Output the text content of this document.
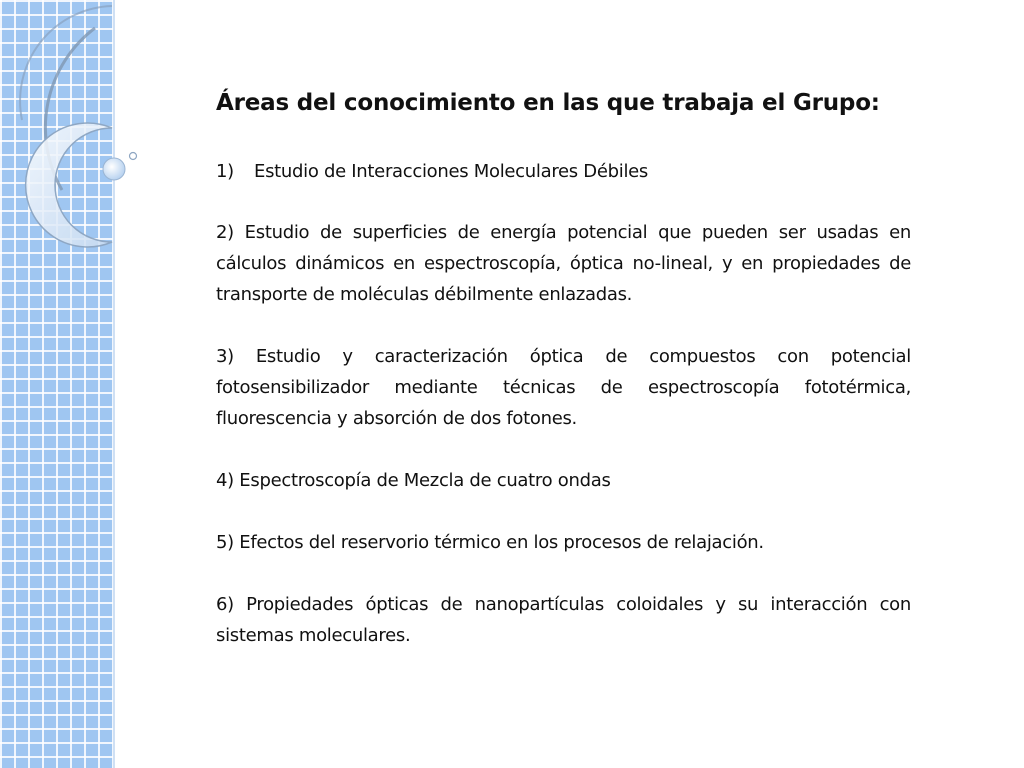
Áreas del conocimiento en las que trabaja el Grupo:

1) Estudio de Interacciones Moleculares Débiles

2) Estudio de superficies de energía potencial que pueden ser usadas en cálculos dinámicos en espectroscopía, óptica no-lineal, y en propiedades de transporte de moléculas débilmente enlazadas.

3) Estudio y caracterización óptica de compuestos con potencial fotosensibilizador mediante técnicas de espectroscopía fototérmica, fluorescencia y absorción de dos fotones.

4) Espectroscopía de Mezcla de cuatro ondas

5) Efectos del reservorio térmico en los procesos de relajación.

6) Propiedades ópticas de nanopartículas coloidales y su interacción con sistemas moleculares.
